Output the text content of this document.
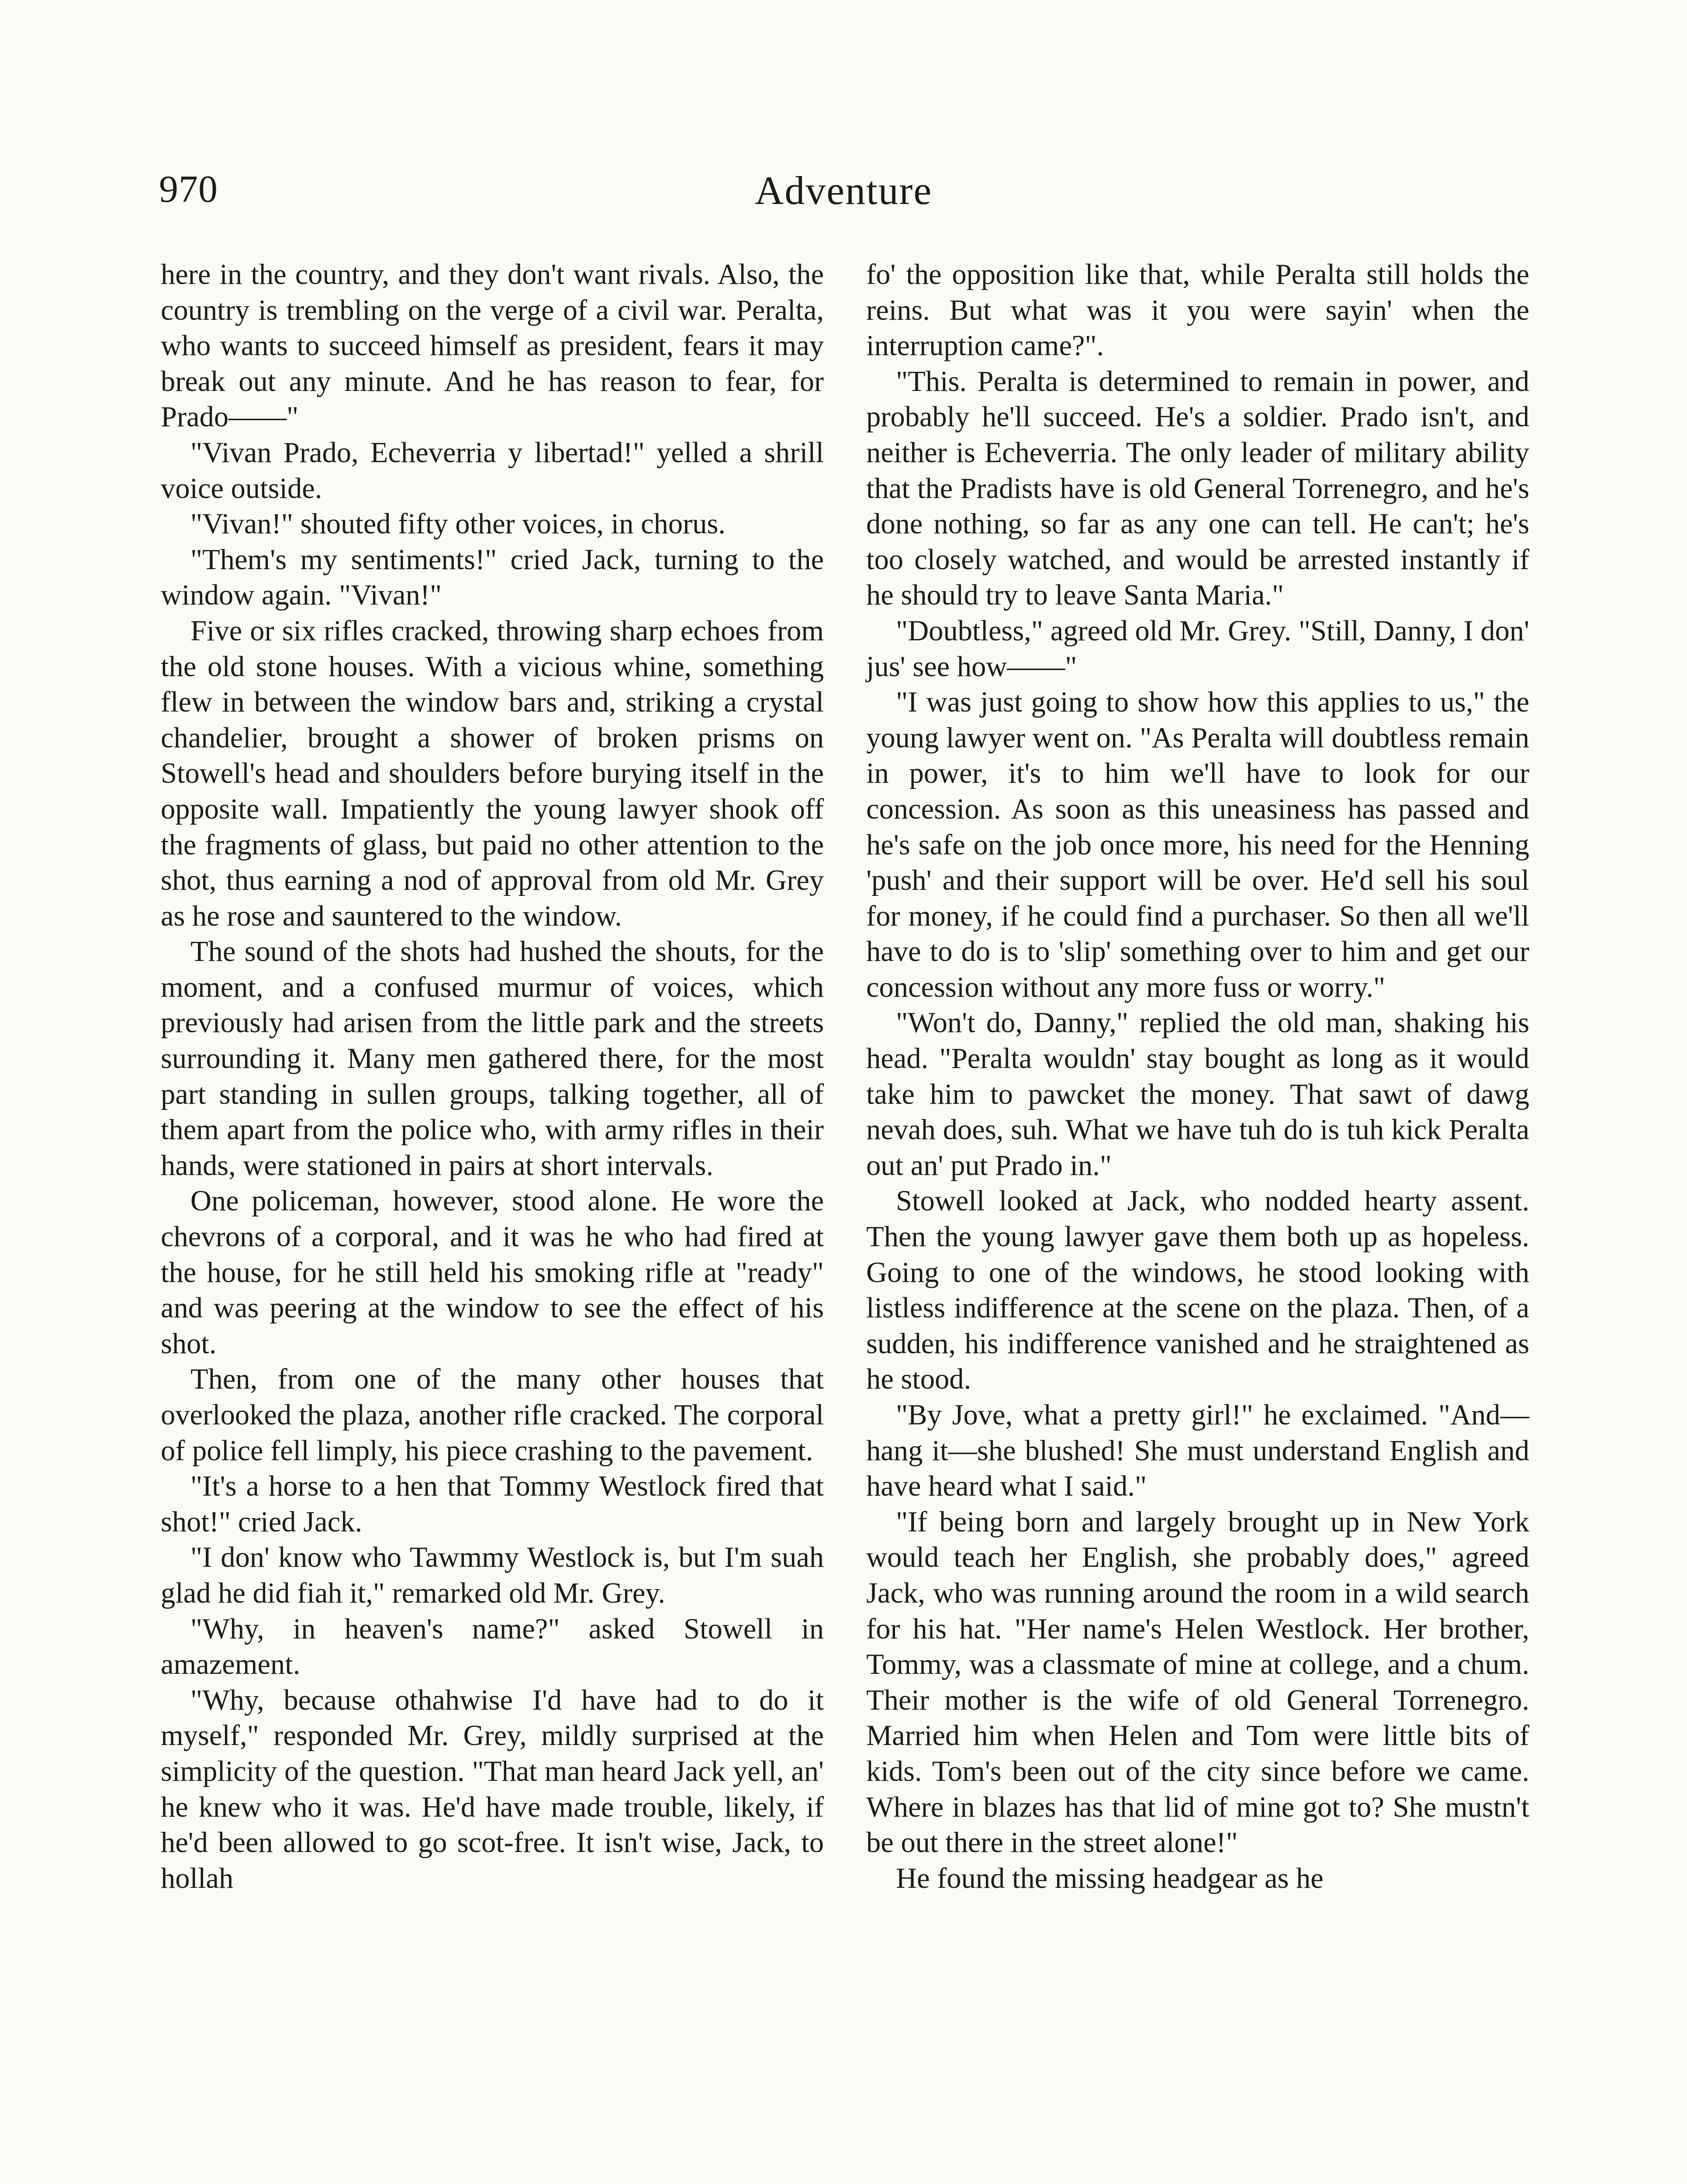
970	Adventure

here in the country, and they don't want rivals. Also, the country is trembling on the verge of a civil war. Peralta, who wants to succeed himself as president, fears it may break out any minute. And he has reason to fear, for Prado——"

"Vivan Prado, Echeverria y libertad!" yelled a shrill voice outside.

"Vivan!" shouted fifty other voices, in chorus.

"Them's my sentiments!" cried Jack, turning to the window again. "Vivan!"

Five or six rifles cracked, throwing sharp echoes from the old stone houses. With a vicious whine, something flew in between the window bars and, striking a crystal chandelier, brought a shower of broken prisms on Stowell's head and shoulders before burying itself in the opposite wall. Impatiently the young lawyer shook off the fragments of glass, but paid no other attention to the shot, thus earning a nod of approval from old Mr. Grey as he rose and sauntered to the window.

The sound of the shots had hushed the shouts, for the moment, and a confused murmur of voices, which previously had arisen from the little park and the streets surrounding it. Many men gathered there, for the most part standing in sullen groups, talking together, all of them apart from the police who, with army rifles in their hands, were stationed in pairs at short intervals.

One policeman, however, stood alone. He wore the chevrons of a corporal, and it was he who had fired at the house, for he still held his smoking rifle at "ready" and was peering at the window to see the effect of his shot.

Then, from one of the many other houses that overlooked the plaza, another rifle cracked. The corporal of police fell limply, his piece crashing to the pavement.

"It's a horse to a hen that Tommy Westlock fired that shot!" cried Jack.

"I don' know who Tawmmy Westlock is, but I'm suah glad he did fiah it," remarked old Mr. Grey.

"Why, in heaven's name?" asked Stowell in amazement.

"Why, because othahwise I'd have had to do it myself," responded Mr. Grey, mildly surprised at the simplicity of the question. "That man heard Jack yell, an' he knew who it was. He'd have made trouble, likely, if he'd been allowed to go scot-free. It isn't wise, Jack, to hollah

fo' the opposition like that, while Peralta still holds the reins. But what was it you were sayin' when the interruption came?".

"This. Peralta is determined to remain in power, and probably he'll succeed. He's a soldier. Prado isn't, and neither is Echeverria. The only leader of military ability that the Pradists have is old General Torrenegro, and he's done nothing, so far as any one can tell. He can't; he's too closely watched, and would be arrested instantly if he should try to leave Santa Maria."

"Doubtless," agreed old Mr. Grey. "Still, Danny, I don' jus' see how——"

"I was just going to show how this applies to us," the young lawyer went on. "As Peralta will doubtless remain in power, it's to him we'll have to look for our concession. As soon as this uneasiness has passed and he's safe on the job once more, his need for the Henning 'push' and their support will be over. He'd sell his soul for money, if he could find a purchaser. So then all we'll have to do is to 'slip' something over to him and get our concession without any more fuss or worry."

"Won't do, Danny," replied the old man, shaking his head. "Peralta wouldn' stay bought as long as it would take him to pawcket the money. That sawt of dawg nevah does, suh. What we have tuh do is tuh kick Peralta out an' put Prado in."

Stowell looked at Jack, who nodded hearty assent. Then the young lawyer gave them both up as hopeless. Going to one of the windows, he stood looking with listless indifference at the scene on the plaza. Then, of a sudden, his indifference vanished and he straightened as he stood.

"By Jove, what a pretty girl!" he exclaimed. "And—hang it—she blushed! She must understand English and have heard what I said."

"If being born and largely brought up in New York would teach her English, she probably does," agreed Jack, who was running around the room in a wild search for his hat. "Her name's Helen Westlock. Her brother, Tommy, was a classmate of mine at college, and a chum. Their mother is the wife of old General Torrenegro. Married him when Helen and Tom were little bits of kids. Tom's been out of the city since before we came. Where in blazes has that lid of mine got to? She mustn't be out there in the street alone!"

He found the missing headgear as he
